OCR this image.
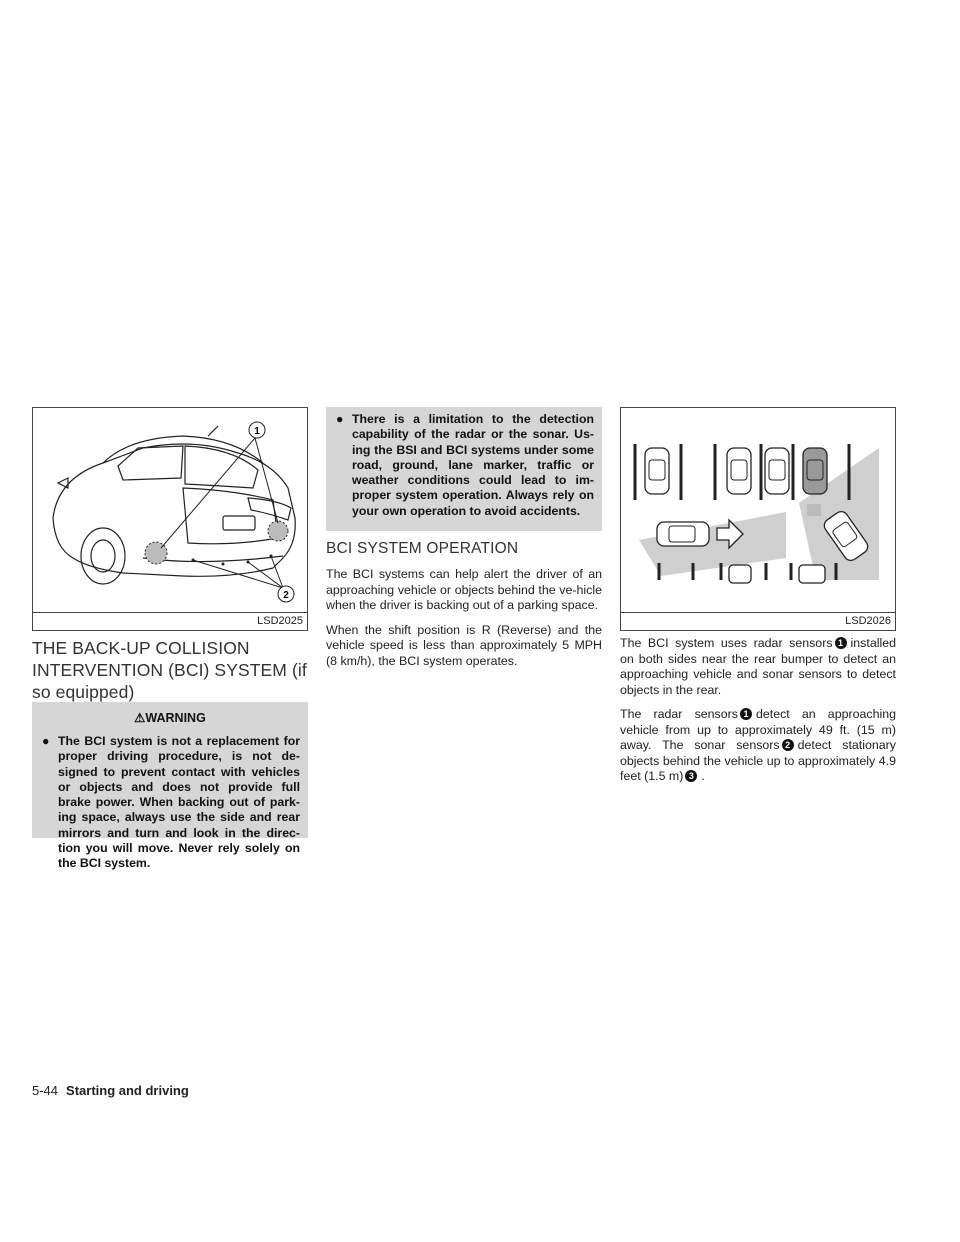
1
2
LSD2025	LSD2026
THE BACK-UP COLLISION INTERVENTION (BCI) SYSTEM (if so equipped)
⚠WARNING
● The BCI system is not a replacement for proper driving procedure, is not de-signed to prevent contact with vehicles or objects and does not provide full brake power. When backing out of park-ing space, always use the side and rear mirrors and turn and look in the direc-tion you will move. Never rely solely on the BCI system.
● There is a limitation to the detection capability of the radar or the sonar. Us-ing the BSI and BCI systems under some road, ground, lane marker, traffic or weather conditions could lead to im-proper system operation. Always rely on your own operation to avoid accidents.
BCI SYSTEM OPERATION

The BCI systems can help alert the driver of an approaching vehicle or objects behind the ve-hicle when the driver is backing out of a parking space.

When the shift position is R (Reverse) and the vehicle speed is less than approximately 5 MPH (8 km/h), the BCI system operates.

The BCI system uses radar sensors 1 installed on both sides near the rear bumper to detect an approaching vehicle and sonar sensors to detect objects in the rear.

The radar sensors 1 detect an approaching vehicle from up to approximately 49 ft. (15 m) away. The sonar sensors 2 detect stationary objects behind the vehicle up to approximately 4.9 feet (1.5 m) 3 .

5-44 Starting and driving
